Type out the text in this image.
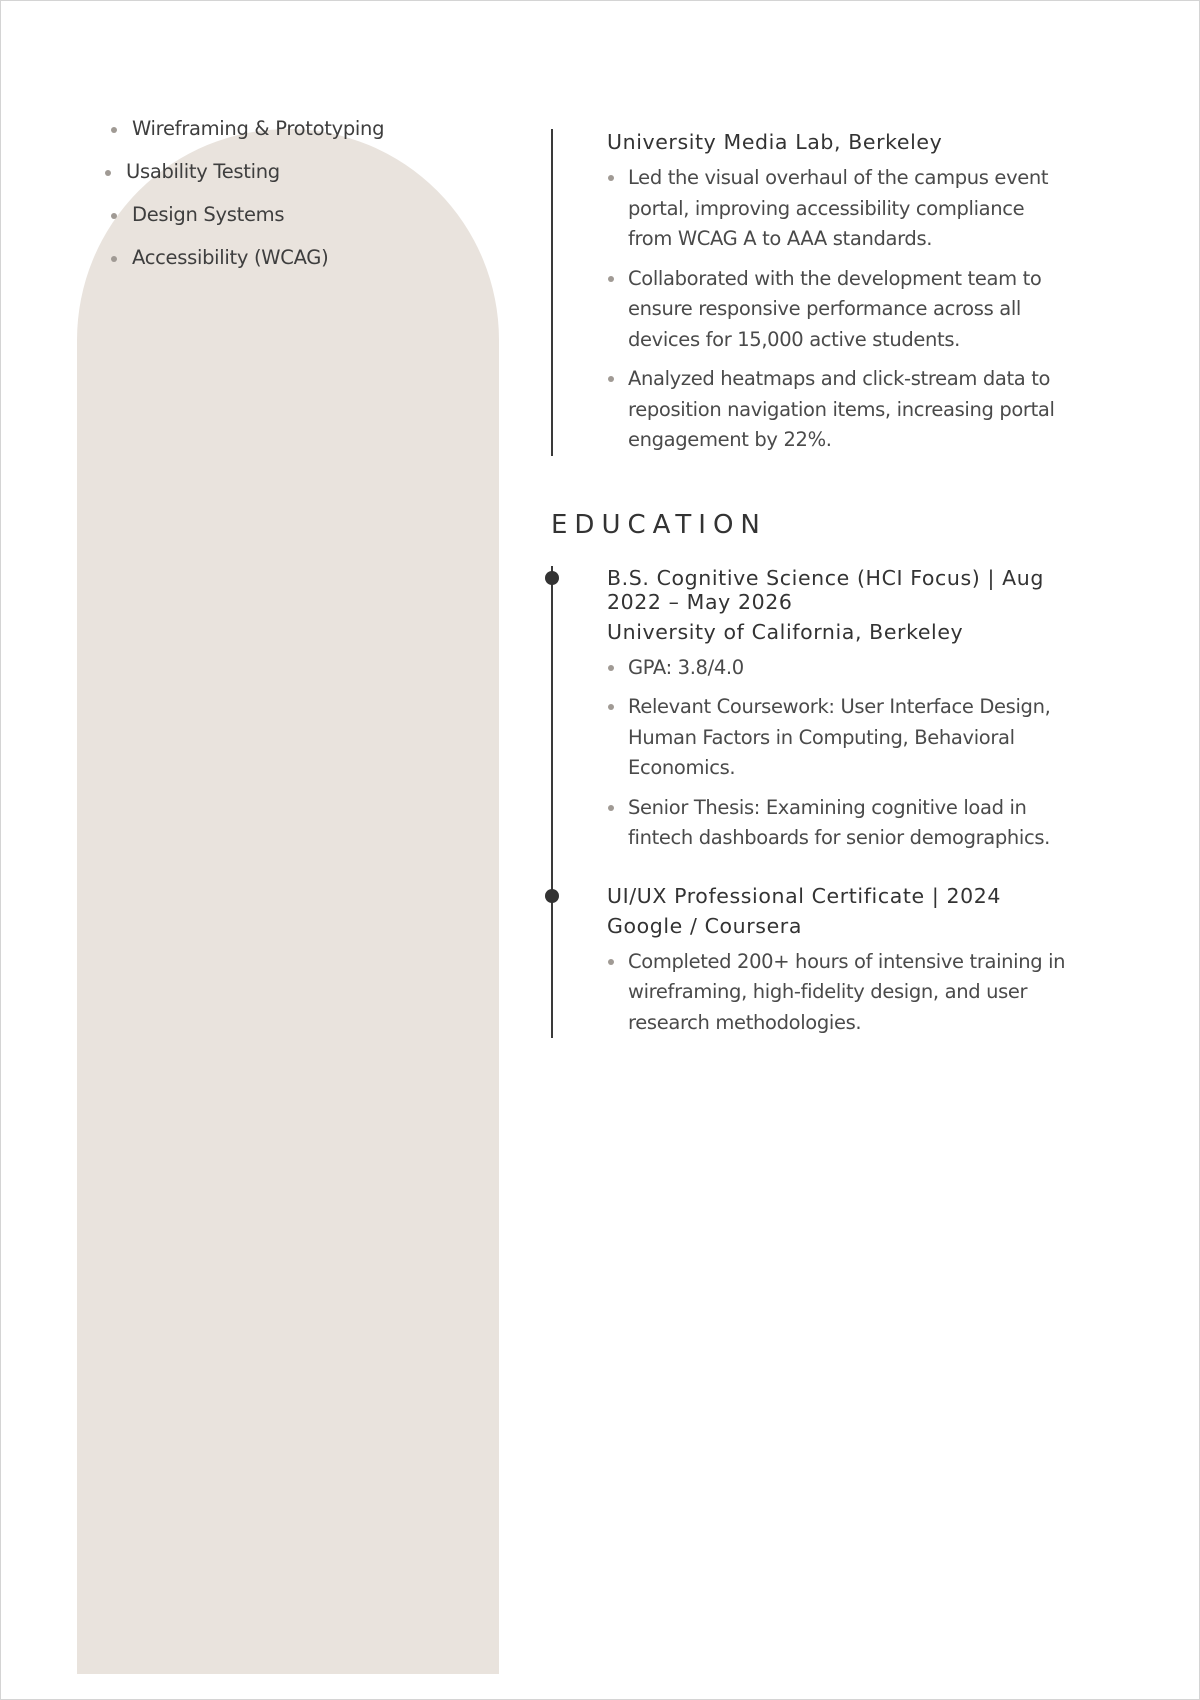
Wireframing & Prototyping
Usability Testing
Design Systems
Accessibility (WCAG)
University Media Lab, Berkeley
Led the visual overhaul of the campus event portal, improving accessibility compliance from WCAG A to AAA standards.
Collaborated with the development team to ensure responsive performance across all devices for 15,000 active students.
Analyzed heatmaps and click-stream data to reposition navigation items, increasing portal engagement by 22%.
EDUCATION
B.S. Cognitive Science (HCI Focus) | Aug 2022 – May 2026
University of California, Berkeley
GPA: 3.8/4.0
Relevant Coursework: User Interface Design, Human Factors in Computing, Behavioral Economics.
Senior Thesis: Examining cognitive load in fintech dashboards for senior demographics.
UI/UX Professional Certificate | 2024
Google / Coursera
Completed 200+ hours of intensive training in wireframing, high-fidelity design, and user research methodologies.
